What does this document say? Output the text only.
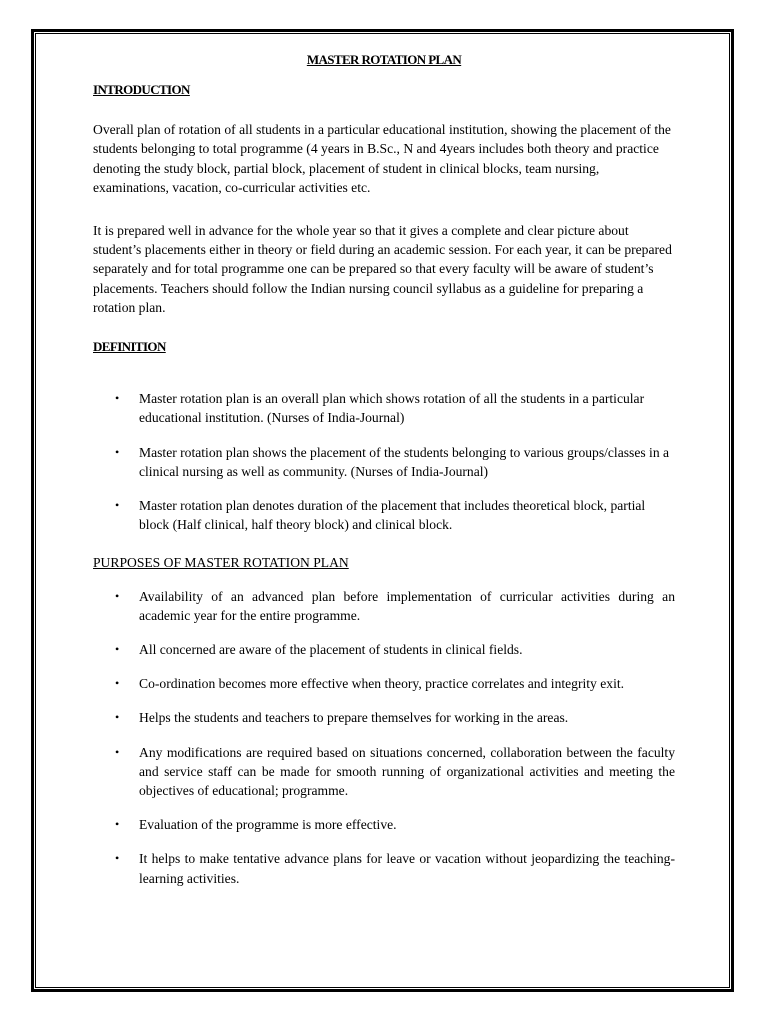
MASTER ROTATION PLAN
INTRODUCTION

Overall plan of rotation of all students in a particular educational institution, showing the placement of the students belonging to total programme (4 years in B.Sc., N and 4years includes both theory and practice denoting the study block, partial block, placement of student in clinical blocks, team nursing, examinations, vacation, co-curricular activities etc.

It is prepared well in advance for the whole year so that it gives a complete and clear picture about student’s placements either in theory or field during an academic session. For each year, it can be prepared separately and for total programme one can be prepared so that every faculty will be aware of student’s placements. Teachers should follow the Indian nursing council syllabus as a guideline for preparing a rotation plan.

DEFINITION
• Master rotation plan is an overall plan which shows rotation of all the students in a particular educational institution. (Nurses of India-Journal)
• Master rotation plan shows the placement of the students belonging to various groups/classes in a clinical nursing as well as community. (Nurses of India-Journal)
• Master rotation plan denotes duration of the placement that includes theoretical block, partial block (Half clinical, half theory block) and clinical block.
PURPOSES OF MASTER ROTATION PLAN
• Availability of an advanced plan before implementation of curricular activities during an academic year for the entire programme.
• All concerned are aware of the placement of students in clinical fields.
• Co-ordination becomes more effective when theory, practice correlates and integrity exit.
• Helps the students and teachers to prepare themselves for working in the areas.
• Any modifications are required based on situations concerned, collaboration between the faculty and service staff can be made for smooth running of organizational activities and meeting the objectives of educational; programme.
• Evaluation of the programme is more effective.
• It helps to make tentative advance plans for leave or vacation without jeopardizing the teaching- learning activities.
